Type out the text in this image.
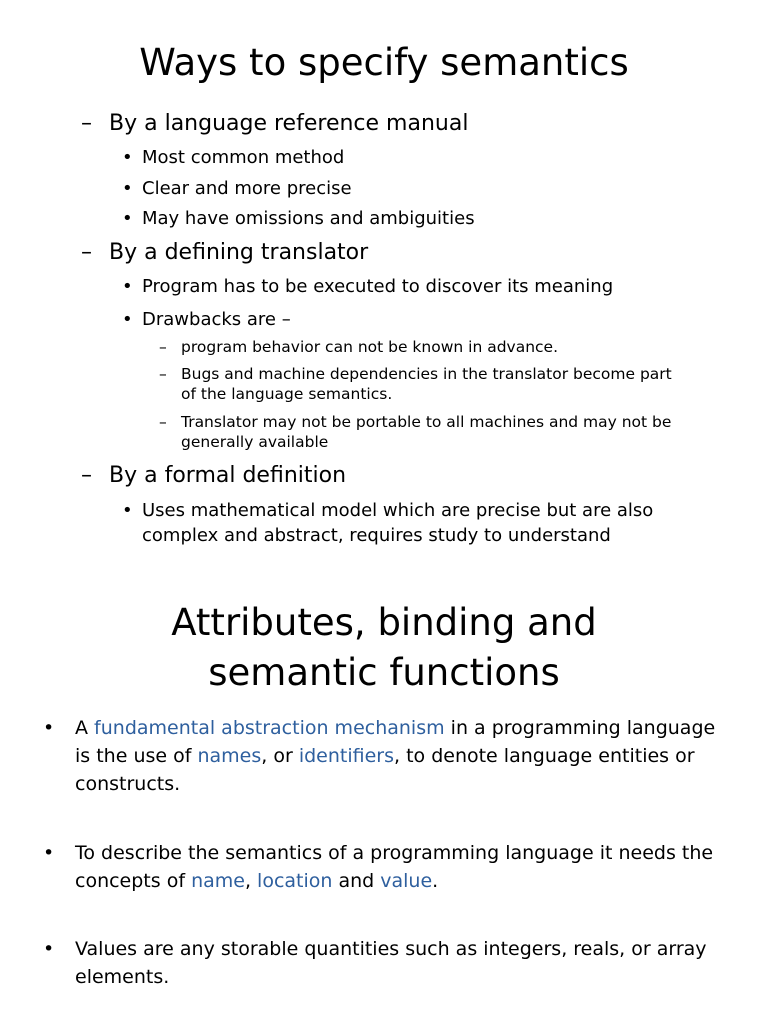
Ways to specify semantics
– By a language reference manual
• Most common method
• Clear and more precise
• May have omissions and ambiguities
– By a defining translator
• Program has to be executed to discover its meaning
• Drawbacks are –
– program behavior can not be known in advance.
– Bugs and machine dependencies in the translator become part
of the language semantics.
– Translator may not be portable to all machines and may not be
generally available
– By a formal definition
• Uses mathematical model which are precise but are also
complex and abstract, requires study to understand
Attributes, binding and
semantic functions
• A fundamental abstraction mechanism in a programming language
is the use of names, or identifiers, to denote language entities or
constructs.
• To describe the semantics of a programming language it needs the
concepts of name, location and value.
• Values are any storable quantities such as integers, reals, or array
elements.
